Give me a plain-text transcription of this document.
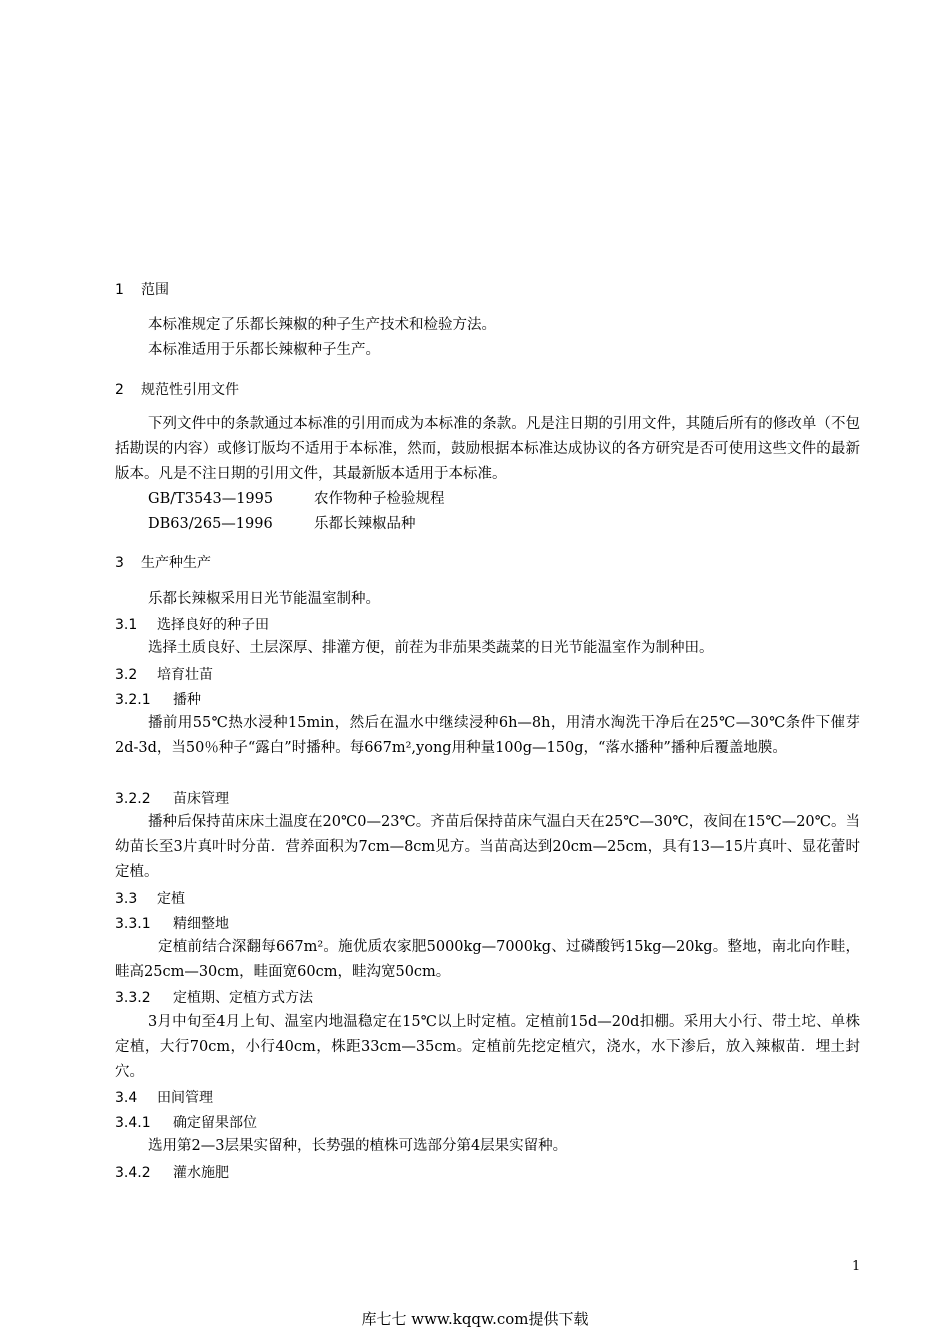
1 范围
本标准规定了乐都长辣椒的种子生产技术和检验方法。
本标准适用于乐都长辣椒种子生产。
2 规范性引用文件
下列文件中的条款通过本标准的引用而成为本标准的条款。凡是注日期的引用文件，其随后所有的修改单（不包括勘误的内容）或修订版均不适用于本标准，然而，鼓励根据本标准达成协议的各方研究是否可使用这些文件的最新版本。凡是不注日期的引用文件，其最新版本适用于本标准。
GB/T3543—1995	农作物种子检验规程
DB63/265—1996	乐都长辣椒品种
3 生产种生产
乐都长辣椒采用日光节能温室制种。
3.1 选择良好的种子田
选择土质良好、土层深厚、排灌方便，前茬为非茄果类蔬菜的日光节能温室作为制种田。
3.2 培育壮苗
3.2.1 播种
播前用55℃热水浸种15min，然后在温水中继续浸种6h—8h，用清水淘洗干净后在25℃—30℃条件下催芽2d-3d，当50％种子“露白”时播种。每667m²,yong用种量100g—150g，“落水播种”播种后覆盖地膜。
3.2.2 苗床管理
播种后保持苗床床土温度在20℃0—23℃。齐苗后保持苗床气温白天在25℃—30℃，夜间在15℃—20℃。当幼苗长至3片真叶时分苗．营养面积为7cm—8cm见方。当苗高达到20cm—25cm，具有13—15片真叶、显花蕾时定植。
3.3 定植
3.3.1 精细整地
定植前结合深翻每667m²。施优质农家肥5000kg—7000kg、过磷酸钙15kg—20kg。整地，南北向作畦，畦高25cm—30cm，畦面宽60cm，畦沟宽50cm。
3.3.2 定植期、定植方式方法
3月中旬至4月上旬、温室内地温稳定在15℃以上时定植。定植前15d—20d扣棚。采用大小行、带土坨、单株定植，大行70cm，小行40cm，株距33cm—35cm。定植前先挖定植穴，浇水，水下渗后，放入辣椒苗．埋土封穴。
3.4 田间管理
3.4.1 确定留果部位
选用第2—3层果实留种，长势强的植株可选部分第4层果实留种。
3.4.2 灌水施肥
1
库七七 www.kqqw.com提供下载
